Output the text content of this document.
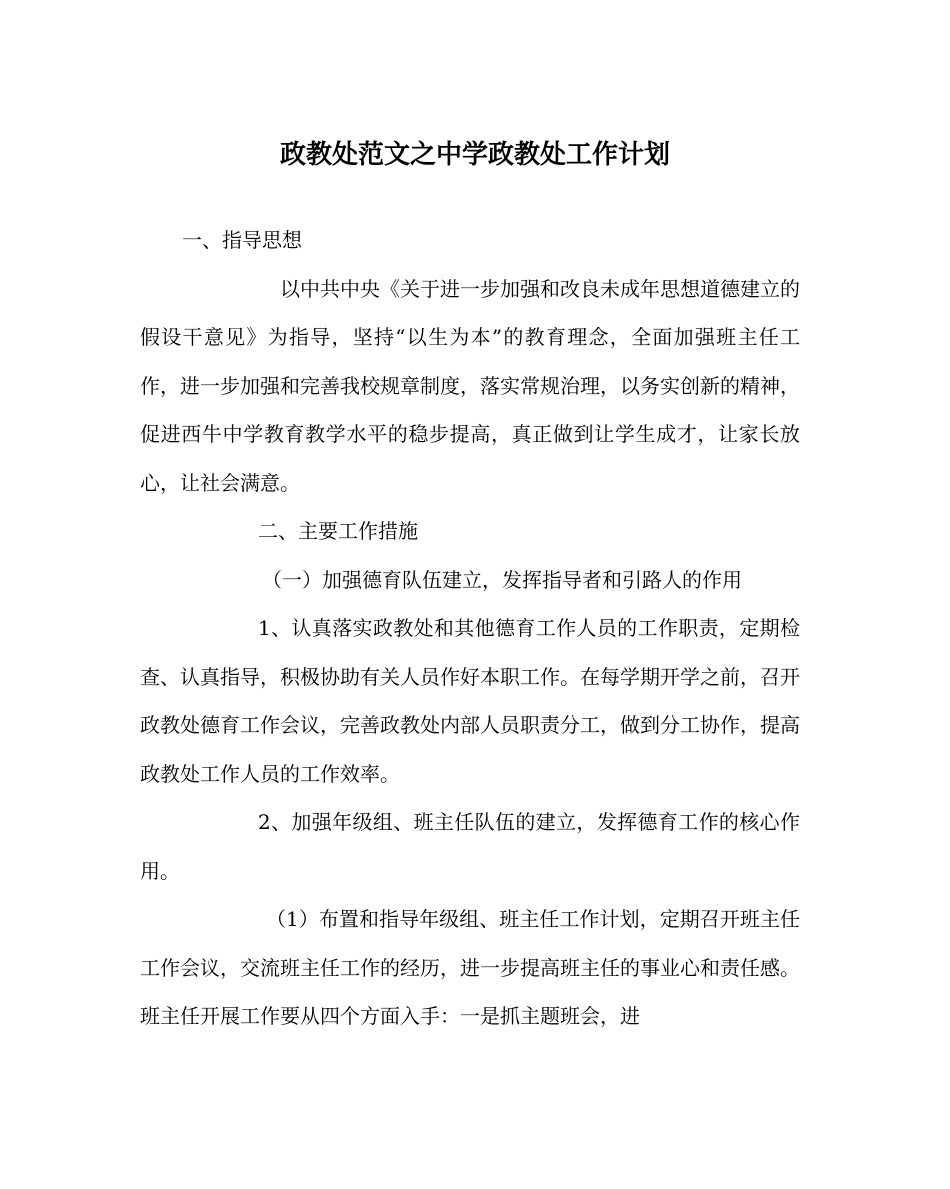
政教处范文之中学政教处工作计划

一、指导思想

以中共中央《关于进一步加强和改良未成年思想道德建立的假设干意见》为指导，坚持“以生为本”的教育理念，全面加强班主任工作，进一步加强和完善我校规章制度，落实常规治理，以务实创新的精神，促进西牛中学教育教学水平的稳步提高，真正做到让学生成才，让家长放心，让社会满意。

二、主要工作措施

（一）加强德育队伍建立，发挥指导者和引路人的作用

1、认真落实政教处和其他德育工作人员的工作职责，定期检查、认真指导，积极协助有关人员作好本职工作。在每学期开学之前，召开政教处德育工作会议，完善政教处内部人员职责分工，做到分工协作，提高政教处工作人员的工作效率。

2、加强年级组、班主任队伍的建立，发挥德育工作的核心作用。

（1）布置和指导年级组、班主任工作计划，定期召开班主任工作会议，交流班主任工作的经历，进一步提高班主任的事业心和责任感。班主任开展工作要从四个方面入手：一是抓主题班会，进
